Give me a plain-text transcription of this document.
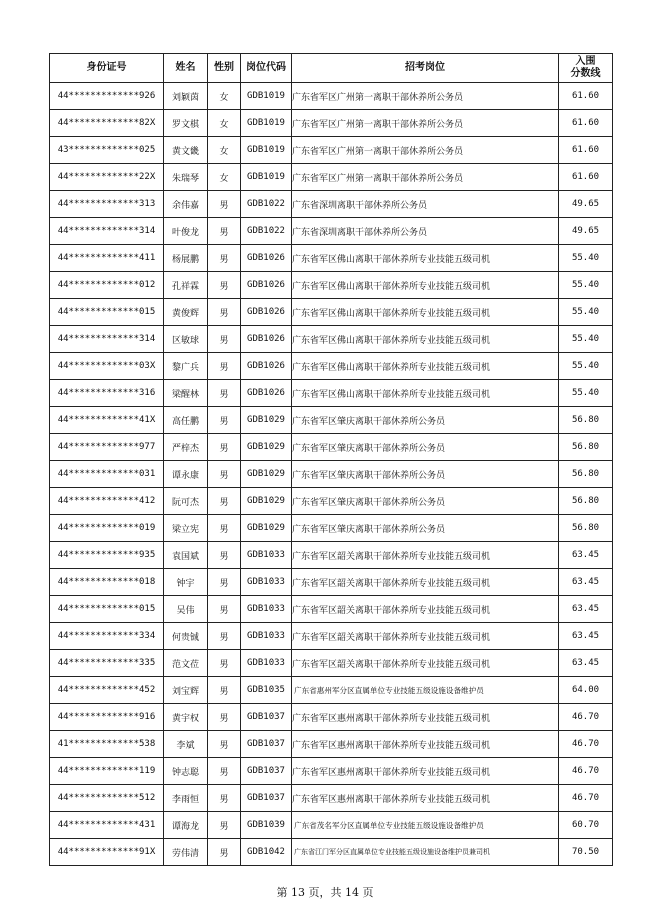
身份证号	姓名	性别	岗位代码	招考岗位	入围
分数线
44*************926	刘颖茵	女	GDB1019	广东省军区广州第一离职干部休养所公务员	61.60
44*************82X	罗文棋	女	GDB1019	广东省军区广州第一离职干部休养所公务员	61.60
43*************025	黄文畿	女	GDB1019	广东省军区广州第一离职干部休养所公务员	61.60
44*************22X	朱瑞琴	女	GDB1019	广东省军区广州第一离职干部休养所公务员	61.60
44*************313	余伟嘉	男	GDB1022	广东省深圳离职干部休养所公务员	49.65
44*************314	叶俊龙	男	GDB1022	广东省深圳离职干部休养所公务员	49.65
44*************411	杨展鹏	男	GDB1026	广东省军区佛山离职干部休养所专业技能五级司机	55.40
44*************012	孔祥霖	男	GDB1026	广东省军区佛山离职干部休养所专业技能五级司机	55.40
44*************015	黄俊辉	男	GDB1026	广东省军区佛山离职干部休养所专业技能五级司机	55.40
44*************314	区敏球	男	GDB1026	广东省军区佛山离职干部休养所专业技能五级司机	55.40
44*************03X	黎广兵	男	GDB1026	广东省军区佛山离职干部休养所专业技能五级司机	55.40
44*************316	梁醒林	男	GDB1026	广东省军区佛山离职干部休养所专业技能五级司机	55.40
44*************41X	高任鹏	男	GDB1029	广东省军区肇庆离职干部休养所公务员	56.80
44*************977	严梓杰	男	GDB1029	广东省军区肇庆离职干部休养所公务员	56.80
44*************031	谭永康	男	GDB1029	广东省军区肇庆离职干部休养所公务员	56.80
44*************412	阮可杰	男	GDB1029	广东省军区肇庆离职干部休养所公务员	56.80
44*************019	梁立宪	男	GDB1029	广东省军区肇庆离职干部休养所公务员	56.80
44*************935	袁国斌	男	GDB1033	广东省军区韶关离职干部休养所专业技能五级司机	63.45
44*************018	钟宇	男	GDB1033	广东省军区韶关离职干部休养所专业技能五级司机	63.45
44*************015	吴伟	男	GDB1033	广东省军区韶关离职干部休养所专业技能五级司机	63.45
44*************334	何贵铖	男	GDB1033	广东省军区韶关离职干部休养所专业技能五级司机	63.45
44*************335	范文莅	男	GDB1033	广东省军区韶关离职干部休养所专业技能五级司机	63.45
44*************452	刘宝辉	男	GDB1035	广东省惠州军分区直属单位专业技能五级设施设备维护员	64.00
44*************916	黄宇权	男	GDB1037	广东省军区惠州离职干部休养所专业技能五级司机	46.70
41*************538	李斌	男	GDB1037	广东省军区惠州离职干部休养所专业技能五级司机	46.70
44*************119	钟志聪	男	GDB1037	广东省军区惠州离职干部休养所专业技能五级司机	46.70
44*************512	李雨恒	男	GDB1037	广东省军区惠州离职干部休养所专业技能五级司机	46.70
44*************431	谭海龙	男	GDB1039	广东省茂名军分区直属单位专业技能五级设施设备维护员	60.70
44*************91X	劳伟清	男	GDB1042	广东省江门军分区直属单位专业技能五级设施设备维护员兼司机	70.50
第 13 页，共 14 页
